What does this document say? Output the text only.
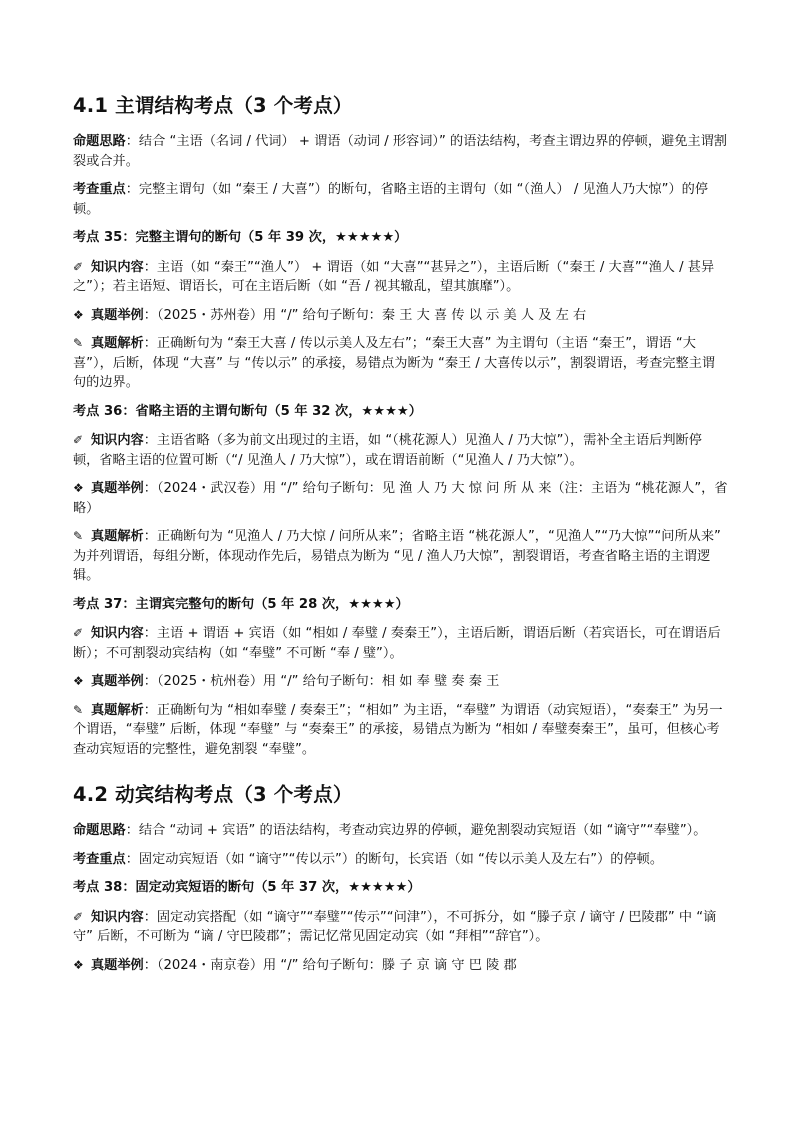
4.1 主谓结构考点（3 个考点）

命题思路：结合 “主语（名词 / 代词） + 谓语（动词 / 形容词）” 的语法结构，考查主谓边界的停顿，避免主谓割裂或合并。

考查重点：完整主谓句（如 “秦王 / 大喜”）的断句，省略主语的主谓句（如 “（渔人） / 见渔人乃大惊”）的停顿。

考点 35：完整主谓句的断句（5 年 39 次，★★★★★）

✐ 知识内容：主语（如 “秦王”“渔人”） + 谓语（如 “大喜”“甚异之”），主语后断（“秦王 / 大喜”“渔人 / 甚异之”）；若主语短、谓语长，可在主语后断（如 “吾 / 视其辙乱，望其旗靡”）。

❖ 真题举例：（2025・苏州卷）用 “/” 给句子断句：秦 王 大 喜 传 以 示 美 人 及 左 右

✎ 真题解析：正确断句为 “秦王大喜 / 传以示美人及左右”；“秦王大喜” 为主谓句（主语 “秦王”，谓语 “大喜”），后断，体现 “大喜” 与 “传以示” 的承接，易错点为断为 “秦王 / 大喜传以示”，割裂谓语，考查完整主谓句的边界。

考点 36：省略主语的主谓句断句（5 年 32 次，★★★★）

✐ 知识内容：主语省略（多为前文出现过的主语，如 “（桃花源人）见渔人 / 乃大惊”），需补全主语后判断停顿，省略主语的位置可断（“/ 见渔人 / 乃大惊”），或在谓语前断（“见渔人 / 乃大惊”）。

❖ 真题举例：（2024・武汉卷）用 “/” 给句子断句：见 渔 人 乃 大 惊 问 所 从 来（注：主语为 “桃花源人”，省略）

✎ 真题解析：正确断句为 “见渔人 / 乃大惊 / 问所从来”；省略主语 “桃花源人”，“见渔人”“乃大惊”“问所从来” 为并列谓语，每组分断，体现动作先后，易错点为断为 “见 / 渔人乃大惊”，割裂谓语，考查省略主语的主谓逻辑。

考点 37：主谓宾完整句的断句（5 年 28 次，★★★★）

✐ 知识内容：主语 + 谓语 + 宾语（如 “相如 / 奉璧 / 奏秦王”），主语后断，谓语后断（若宾语长，可在谓语后断）；不可割裂动宾结构（如 “奉璧” 不可断 “奉 / 璧”）。

❖ 真题举例：（2025・杭州卷）用 “/” 给句子断句：相 如 奉 璧 奏 秦 王

✎ 真题解析：正确断句为 “相如奉璧 / 奏秦王”；“相如” 为主语，“奉璧” 为谓语（动宾短语），“奏秦王” 为另一个谓语，“奉璧” 后断，体现 “奉璧” 与 “奏秦王” 的承接，易错点为断为 “相如 / 奉璧奏秦王”，虽可，但核心考查动宾短语的完整性，避免割裂 “奉璧”。

4.2 动宾结构考点（3 个考点）

命题思路：结合 “动词 + 宾语” 的语法结构，考查动宾边界的停顿，避免割裂动宾短语（如 “谪守”“奉璧”）。

考查重点：固定动宾短语（如 “谪守”“传以示”）的断句，长宾语（如 “传以示美人及左右”）的停顿。

考点 38：固定动宾短语的断句（5 年 37 次，★★★★★）

✐ 知识内容：固定动宾搭配（如 “谪守”“奉璧”“传示”“问津”），不可拆分，如 “滕子京 / 谪守 / 巴陵郡” 中 “谪守” 后断，不可断为 “谪 / 守巴陵郡”；需记忆常见固定动宾（如 “拜相”“辞官”）。

❖ 真题举例：（2024・南京卷）用 “/” 给句子断句：滕 子 京 谪 守 巴 陵 郡
